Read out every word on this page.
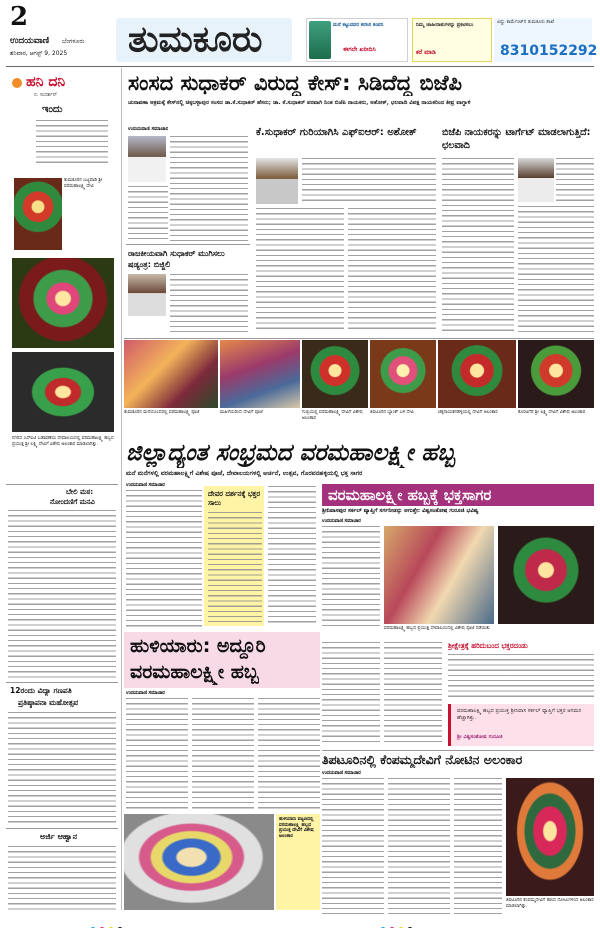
2
ಉದಯವಾಣಿ ಬೆಂಗಳೂರು
ಶನಿವಾರ, ಆಗಸ್ಟ್ 9, 2025 ತುಮಕೂರು	ಮನೆ ಕಟ್ಟುವವರ ಕನಸಿನ ಕಂಪನಿ
ಈಗಲೇ ಖರೀದಿಸಿ
ನಿಮ್ಮ ಜಾಹೀರಾತುಗಳನ್ನು ಪ್ರಕಟಿಸಲು
ಕರೆ ಮಾಡಿ
ವಿಷ್ಣು ಕಾರ್ಮೆಂಟ್‌ನ ತುಮಕೂರು ಶಾಖೆ
8310152292
ಹನಿ ದನಿ
ನ. ಸುದರ್ಶನ್
ಇಂದು
ತುಮಕೂರಿನ ಬಟ್ಟವಾಡಿ ಶ್ರೀ ವರಮಹಾಲಕ್ಷ್ಮಿ ದೇವಿ
ನಗರದ ಎಸ್‌ಐಟಿ ಬಡಾವಣೆಯ ದೇವಾಲಯದಲ್ಲಿ ವರಮಹಾಲಕ್ಷ್ಮಿ ಹಬ್ಬದ ಪ್ರಯುಕ್ತ ಶ್ರೀ ಲಕ್ಷ್ಮಿ ದೇವಿಗೆ ವಿಶೇಷ ಅಲಂಕಾರ ಮಾಡಲಾಗಿತ್ತು.
ಬೇಲಿ ಮಠ:
ನೋಂದಣಿಗೆ ಮನವಿ
12ರಂದು ವಿದ್ಯಾ ಗಣಪತಿ
ಪ್ರತಿಷ್ಠಾಪನಾ ಮಹೋತ್ಸವ
ಅರ್ಜಿ ಆಹ್ವಾನ
ಸಂಸದ ಸುಧಾಕರ್‌ ವಿರುದ್ಧ ಕೇಸ್‌: ಸಿಡಿದೆದ್ದ ಬಿಜೆಪಿ
ಚುನಾವಣಾ ಆಕ್ರಮಕ್ಕೆ ಕೇಸ್‌ನಲ್ಲಿ ಚಿಕ್ಕಬಳ್ಳಾಪುರ ಸಂಸದ ಡಾ.ಕೆ.ಸುಧಾಕರ್‌ ಹೆಸರು; ಡಾ. ಕೆ.ಸುಧಾಕರ್‌ ಪರವಾಗಿ ನಿಂತ ಬಿಜೆಪಿ ನಾಯಕರು, ಅಶೋಕ್, ಛಲವಾದಿ ವಿಪಕ್ಷ ನಾಯಕರಿಂದ ತೀವ್ರ ವಾಗ್ದಾಳಿ
ಉದಯವಾಣಿ ಸಮಾಚಾರ
ರಾಜಕೀಯವಾಗಿ ಸುಧಾಕರ್ ಮುಗಿಸಲು ಷಡ್ಯಂತ್ರ: ಬಿಜ್ಜಿಲಿ
ಕೆ.ಸುಧಾಕರ್ ಗುರಿಯಾಗಿಸಿ ಎಫ್‌ಐಆರ್: ಅಶೋಕ್	ಬಿಜೆಪಿ ನಾಯಕರನ್ನು ಟಾರ್ಗೆಟ್ ಮಾಡಲಾಗುತ್ತಿದೆ: ಛಲವಾದಿ
ತುಮಕೂರಿನ ಮನೆಯೊಂದರಲ್ಲಿ ವರಮಹಾಲಕ್ಷ್ಮಿ ಪೂಜೆ	ಮಹಿಳೆಯರಿಂದ ದೇವಿಗೆ ಪೂಜೆ	ಗುಬ್ಬಿಯಲ್ಲಿ ವರಮಹಾಲಕ್ಷ್ಮಿ ದೇವಿಗೆ ವಿಶೇಷ ಅಲಂಕಾರ
ತಿಪಟೂರಿನ ಬ್ಯಾಂಕ್ ಬಳಿ ದೇವಿ	ಚಿಕ್ಕನಾಯಕನಹಳ್ಳಿಯಲ್ಲಿ ದೇವಿಗೆ ಅಲಂಕಾರ	ಕೊರಟಗೆರೆ ಶ್ರೀ ಲಕ್ಷ್ಮಿ ದೇವಿಗೆ ವಿಶೇಷ ಅಲಂಕಾರ
ಜಿಲ್ಲಾದ್ಯಂತ ಸಂಭ್ರಮದ ವರಮಹಾಲಕ್ಷ್ಮೀ ಹಬ್ಬ
ಮನೆ ಮನೆಗಳಲ್ಲಿ ವರಮಹಾಲಕ್ಷ್ಮಿಗೆ ವಿಶೇಷ ಪೂಜೆ, ದೇವಾಲಯಗಳಲ್ಲಿ ಅರ್ಚನೆ, ಉತ್ಸವ, ಗೊರವನಹಳ್ಳಿಯಲ್ಲಿ ಭಕ್ತ ಸಾಗರ
ಉದಯವಾಣಿ ಸಮಾಚಾರ
ದೇವರ ದರ್ಶನಕ್ಕೆ ಭಕ್ತರ ಸಾಲು	ವರಮಹಾಲಕ್ಷ್ಮೀ ಹಬ್ಬಕ್ಕೆ ಭಕ್ತಸಾಗರ
ಶ್ರೀನಿವಾಸಪುರ ಸರ್ಕಲ್ ವ್ಯಾಪ್ತಿಗೆ ಸರ್ಗನೀಡನ್ನು ಆಗುತ್ತೇ: ವಿಶ್ವಸಂತೋಷ ಗುರೂಜಿ ಭವಿಷ್ಯ
ಉದಯವಾಣಿ ಸಮಾಚಾರ
ವರಮಹಾಲಕ್ಷ್ಮಿ ಹಬ್ಬದ ಪ್ರಯುಕ್ತ ದೇವಾಲಯದಲ್ಲಿ ವಿಶೇಷ ಪೂಜೆ ನಡೆಯಿತು
ಶ್ರೀಕ್ಷೇತ್ರಕ್ಕೆ ಹರಿದುಬಂದ ಭಕ್ತರದಂಡು
ವರಮಹಾಲಕ್ಷ್ಮಿ ಹಬ್ಬದ ಪ್ರಯುಕ್ತ ಶ್ರೀನಿವಾಸ ಸರ್ಕಲ್ ವ್ಯಾಪ್ತಿಗೆ ಭಕ್ತರ ಆಗಮನ ಹೆಚ್ಚಾಗಿತ್ತು.
ಶ್ರೀ ವಿಶ್ವಸಂತೋಷ ಗುರೂಜಿ
ಹುಳಿಯಾರು: ಅದ್ದೂರಿ
ವರಮಹಾಲಕ್ಷ್ಮೀ ಹಬ್ಬ
ಉದಯವಾಣಿ ಸಮಾಚಾರ
ಹುಳಿಯಾರು ಪಟ್ಟಣದಲ್ಲಿ ವರಮಹಾಲಕ್ಷ್ಮಿ ಹಬ್ಬದ ಪ್ರಯುಕ್ತ ದೇವಿಗೆ ವಿಶೇಷ ಅಲಂಕಾರ
ತಿಪಟೂರಿನಲ್ಲಿ ಕೆಂಪಮ್ಮದೇವಿಗೆ ನೋಟಿನ ಅಲಂಕಾರ
ಉದಯವಾಣಿ ಸಮಾಚಾರ
ತಿಪಟೂರಿನ ಕೆಂಪಮ್ಮದೇವಿಗೆ ಹಣದ ನೋಟುಗಳಿಂದ ಅಲಂಕಾರ ಮಾಡಲಾಗಿತ್ತು.
